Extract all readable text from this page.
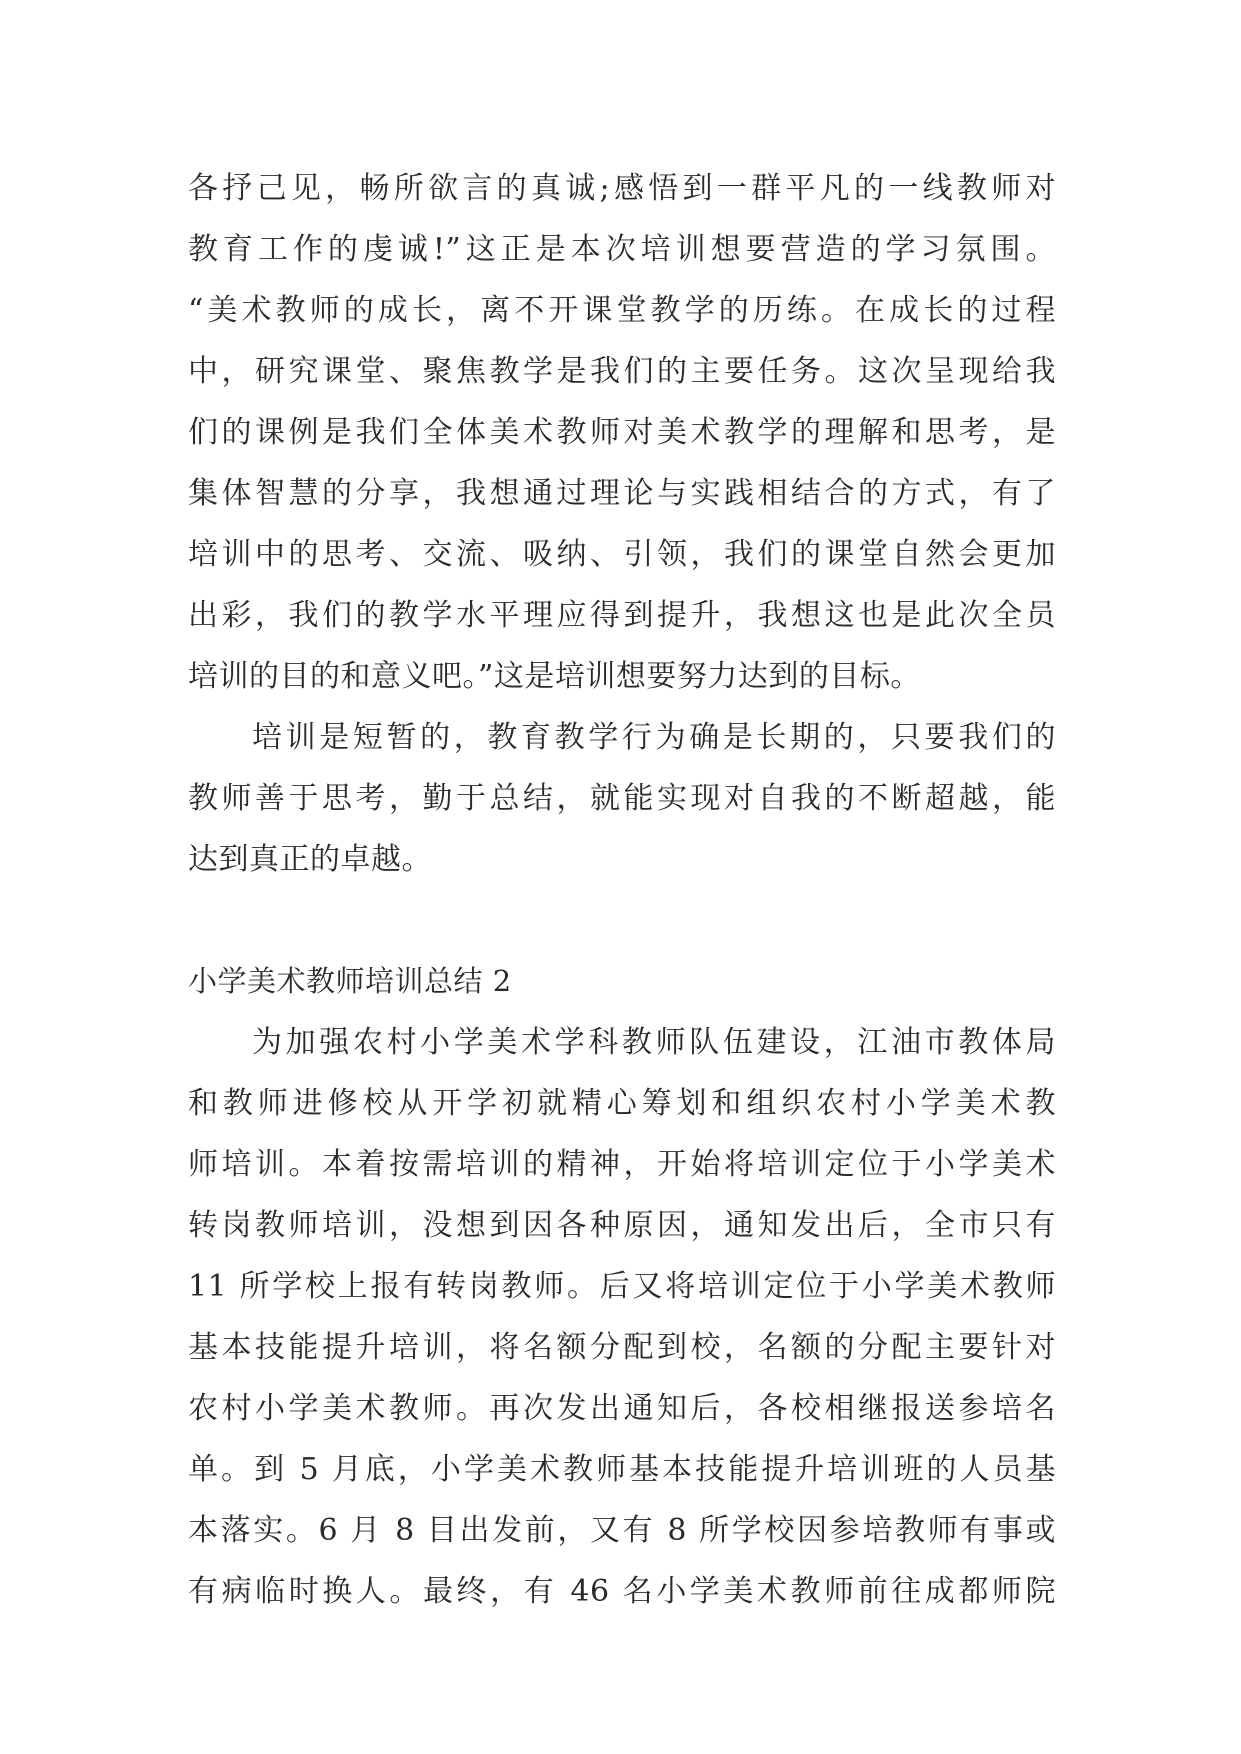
各抒己见，畅所欲言的真诚;感悟到一群平凡的一线教师对
教育工作的虔诚!”这正是本次培训想要营造的学习氛围。
“美术教师的成长，离不开课堂教学的历练。在成长的过程
中，研究课堂、聚焦教学是我们的主要任务。这次呈现给我
们的课例是我们全体美术教师对美术教学的理解和思考，是
集体智慧的分享，我想通过理论与实践相结合的方式，有了
培训中的思考、交流、吸纳、引领，我们的课堂自然会更加
出彩，我们的教学水平理应得到提升，我想这也是此次全员
培训的目的和意义吧。”这是培训想要努力达到的目标。
培训是短暂的，教育教学行为确是长期的，只要我们的
教师善于思考，勤于总结，就能实现对自我的不断超越，能
达到真正的卓越。
小学美术教师培训总结 2
为加强农村小学美术学科教师队伍建设，江油市教体局
和教师进修校从开学初就精心筹划和组织农村小学美术教
师培训。本着按需培训的精神，开始将培训定位于小学美术
转岗教师培训，没想到因各种原因，通知发出后，全市只有
11 所学校上报有转岗教师。后又将培训定位于小学美术教师
基本技能提升培训，将名额分配到校，名额的分配主要针对
农村小学美术教师。再次发出通知后，各校相继报送参培名
单。到 5 月底，小学美术教师基本技能提升培训班的人员基
本落实。6 月 8 目出发前，又有 8 所学校因参培教师有事或
有病临时换人。最终，有 46 名小学美术教师前往成都师院
